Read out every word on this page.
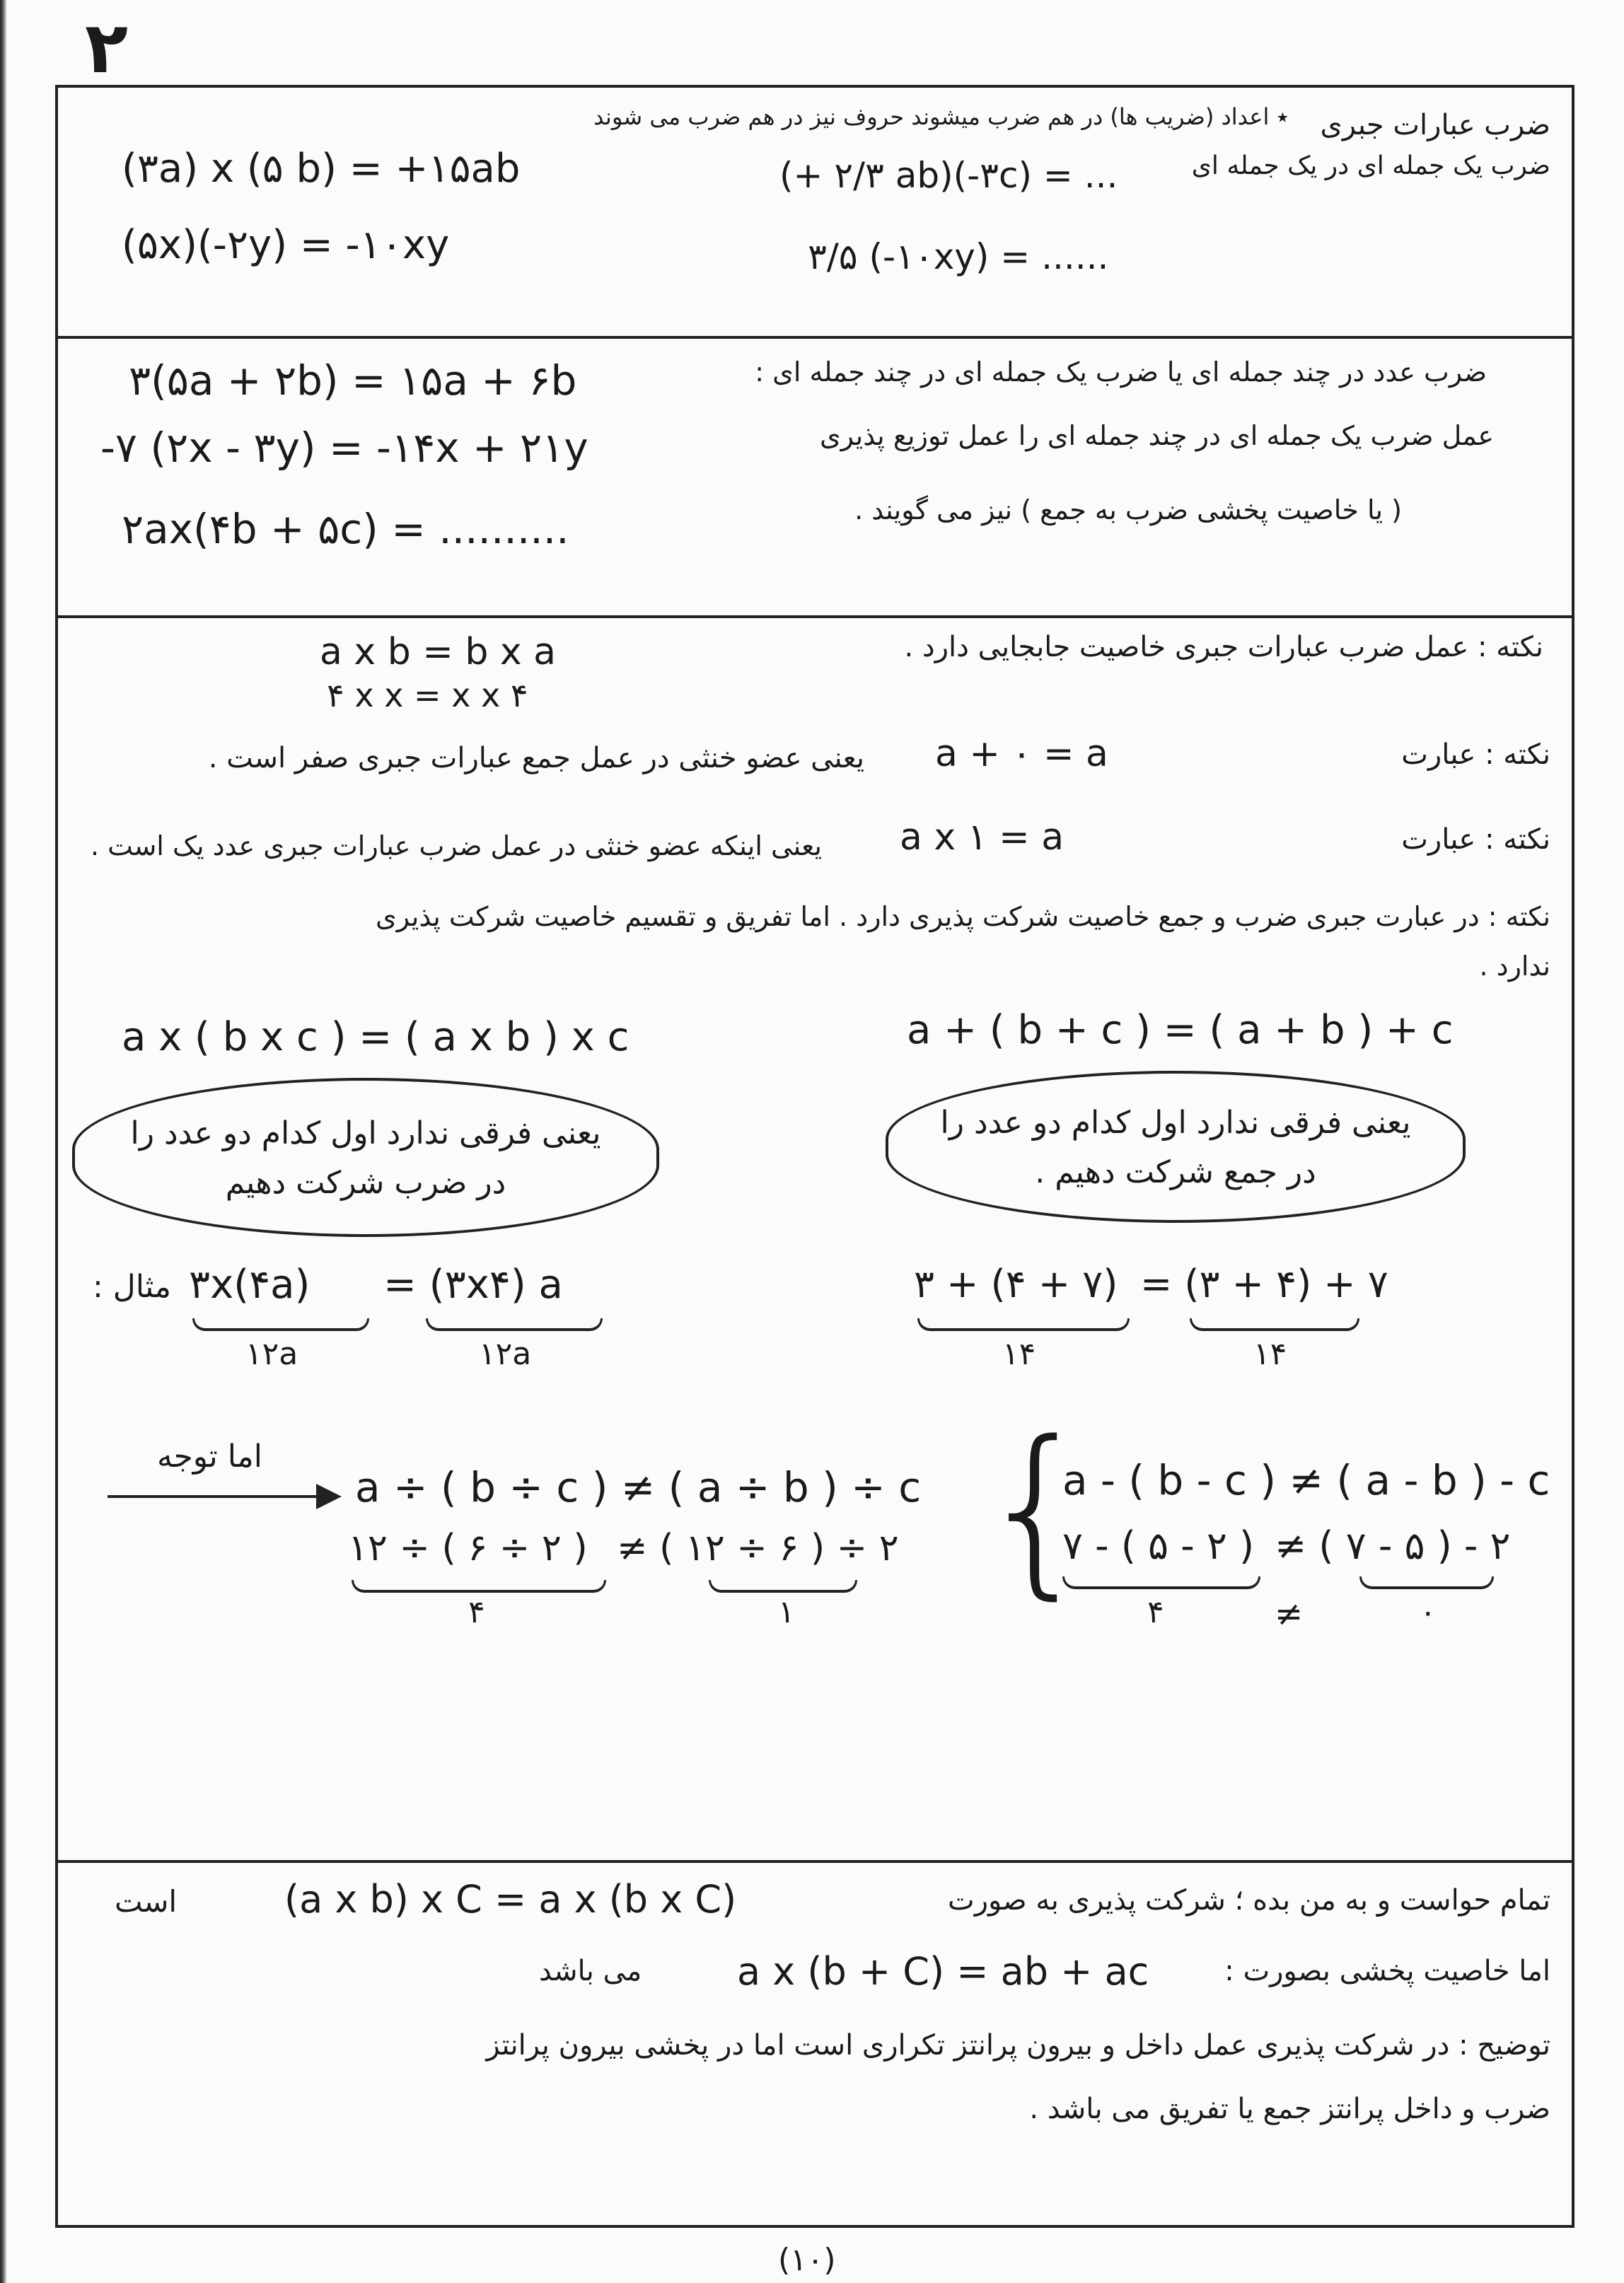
۲
ضرب عبارات جبری
ضرب یک جمله ای در یک جمله ای
٭ اعداد (ضریب ها) در هم ضرب میشوند حروف نیز در هم ضرب می شوند
(۳a) x (۵ b) = +۱۵ab
(۵x)(-۲y) = -۱۰xy
(+ ۲/۳ ab)(-۳c) = ...
۳/۵ (-۱۰xy) = ......
ضرب عدد در چند جمله ای یا ضرب یک جمله ای در چند جمله ای :
عمل ضرب یک جمله ای در چند جمله ای را عمل توزیع پذیری
( یا خاصیت پخشی ضرب به جمع ) نیز می گویند .
۳(۵a + ۲b) = ۱۵a + ۶b
-۷ (۲x - ۳y) = -۱۴x + ۲۱y
۲ax(۴b + ۵c) = ..........
نکته : عمل ضرب عبارات جبری خاصیت جابجایی دارد .
a x b = b x a
۴ x x = x x ۴
نکته : عبارت
a + ۰ = a
یعنی عضو خنثی در عمل جمع عبارات جبری صفر است .
نکته : عبارت
a x ۱ = a
یعنی اینکه عضو خنثی در عمل ضرب عبارات جبری عدد یک است .
نکته : در عبارت جبری ضرب و جمع خاصیت شرکت پذیری دارد . اما تفریق و تقسیم خاصیت شرکت پذیری
ندارد .
a x ( b x c ) = ( a x b ) x c	a + ( b + c ) = ( a + b ) + c
یعنی فرقی ندارد اول کدام دو عدد را در ضرب شرکت دهیم
یعنی فرقی ندارد اول کدام دو عدد را در جمع شرکت دهیم .
مثال : ۳x(۴a)
۱۲a
= (۳x۴) a
۱۲a
۳ + (۴ + ۷)
۱۴
= (۳ + ۴) + ۷
۱۴
اما توجه
a ÷ ( b ÷ c ) ≠ ( a ÷ b ) ÷ c
۱۲ ÷ ( ۶ ÷ ۲ )
۴
≠ ( ۱۲ ÷ ۶ ) ÷ ۲
۱ {
a - ( b - c ) ≠ ( a - b ) - c
۷ - ( ۵ - ۲ )
۴
≠ ( ۷ - ۵ ) - ۲
≠	۰
تمام حواست و به من بده ؛ شرکت پذیری به صورت
(a x b) x C = a x (b x C)
است
اما خاصیت پخشی بصورت :
a x (b + C) = ab + ac
می باشد
توضیح : در شرکت پذیری عمل داخل و بیرون پرانتز تکراری است اما در پخشی بیرون پرانتز
ضرب و داخل پرانتز جمع یا تفریق می باشد .
(۱۰)
